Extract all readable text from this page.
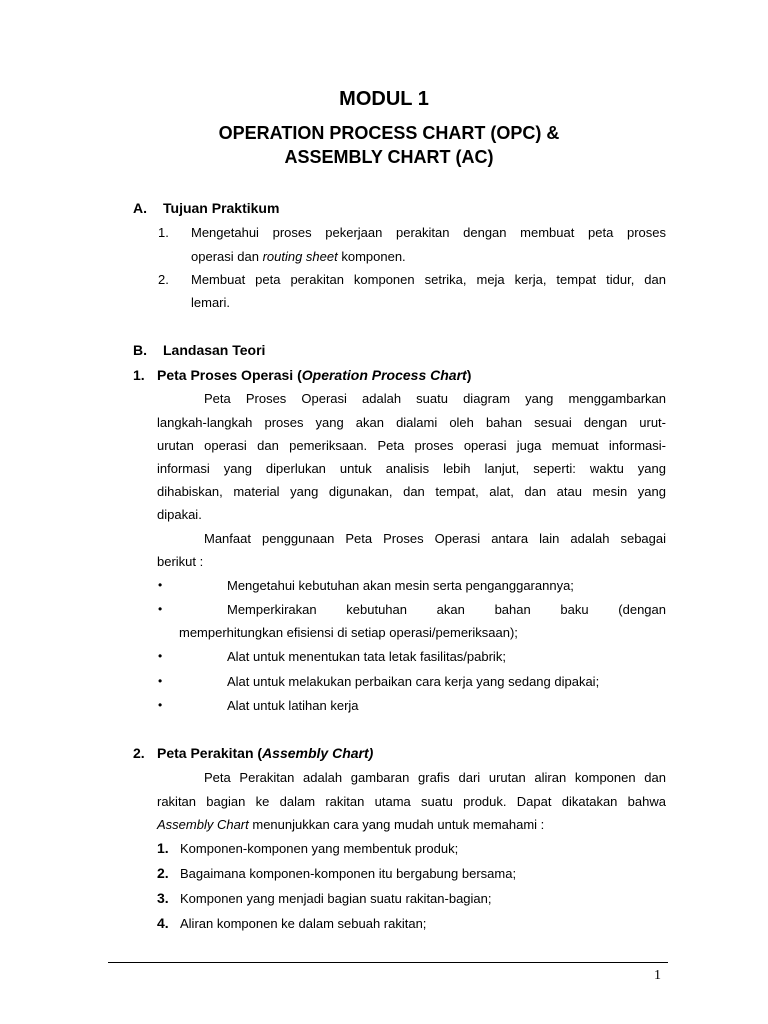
MODUL 1
OPERATION PROCESS CHART (OPC) &
ASSEMBLY CHART (AC)
A. Tujuan Praktikum
1. Mengetahui proses pekerjaan perakitan dengan membuat peta proses
operasi dan routing sheet komponen.
2. Membuat peta perakitan komponen setrika, meja kerja, tempat tidur, dan
lemari.
B. Landasan Teori
1. Peta Proses Operasi (Operation Process Chart)
Peta Proses Operasi adalah suatu diagram yang menggambarkan
langkah-langkah proses yang akan dialami oleh bahan sesuai dengan urut-
urutan operasi dan pemeriksaan. Peta proses operasi juga memuat informasi-
informasi yang diperlukan untuk analisis lebih lanjut, seperti: waktu yang
dihabiskan, material yang digunakan, dan tempat, alat, dan atau mesin yang
dipakai.
Manfaat penggunaan Peta Proses Operasi antara lain adalah sebagai
berikut :
•	Mengetahui kebutuhan akan mesin serta penganggarannya;
•	Memperkirakan kebutuhan akan bahan baku (dengan
memperhitungkan efisiensi di setiap operasi/pemeriksaan);
•	Alat untuk menentukan tata letak fasilitas/pabrik;
•	Alat untuk melakukan perbaikan cara kerja yang sedang dipakai;
•	Alat untuk latihan kerja
2. Peta Perakitan (Assembly Chart)
Peta Perakitan adalah gambaran grafis dari urutan aliran komponen dan
rakitan bagian ke dalam rakitan utama suatu produk. Dapat dikatakan bahwa
Assembly Chart menunjukkan cara yang mudah untuk memahami :
1. Komponen-komponen yang membentuk produk;
2. Bagaimana komponen-komponen itu bergabung bersama;
3. Komponen yang menjadi bagian suatu rakitan-bagian;
4. Aliran komponen ke dalam sebuah rakitan;
1
